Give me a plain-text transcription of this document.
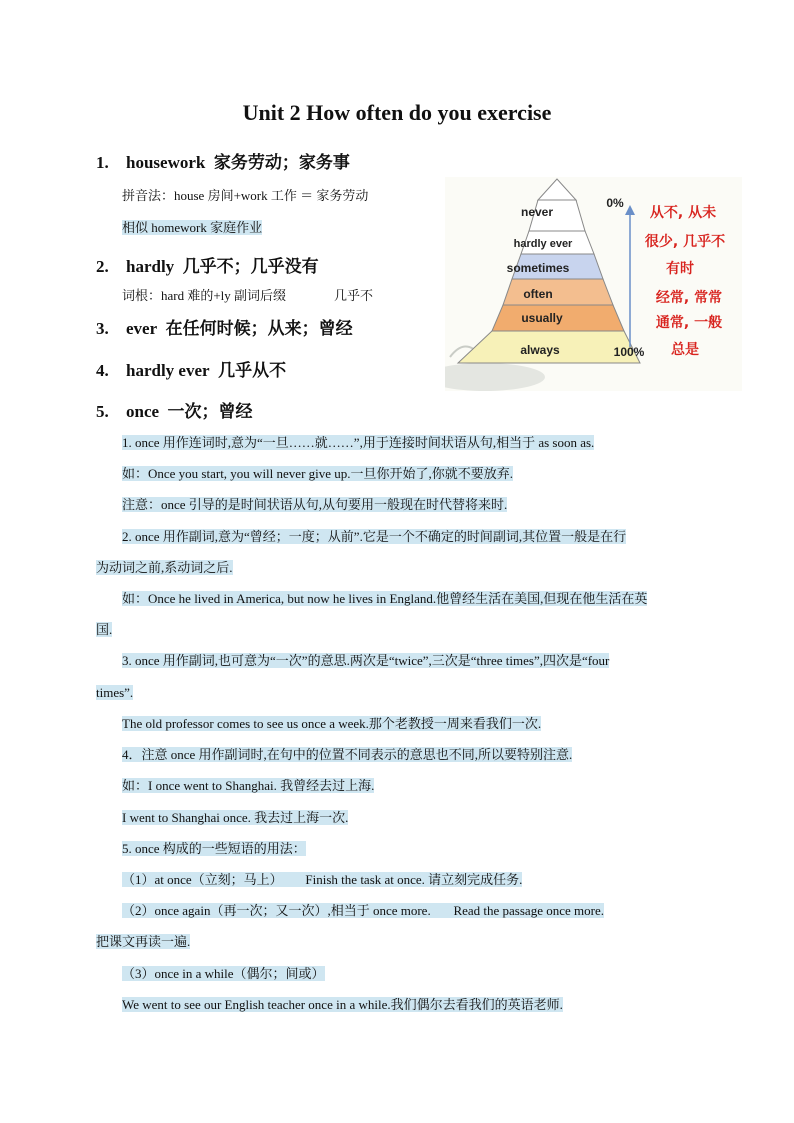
Unit 2 How often do you exercise
1. housework 家务劳动；家务事
拼音法：house 房间+work 工作 ＝ 家务劳动
相似 homework 家庭作业
2. hardly 几乎不；几乎没有
词根：hard 难的+ly 副词后缀	几乎不
3. ever 在任何时候；从来；曾经
4. hardly ever 几乎从不
5. once 一次；曾经
never
hardly ever
sometimes
often
usually
always
0%
100%
从不, 从未
很少, 几乎不
有时
经常, 常常
通常, 一般
总是
1. once 用作连词时,意为“一旦……就……”,用于连接时间状语从句,相当于 as soon as.
如：Once you start, you will never give up.一旦你开始了,你就不要放弃.
注意：once 引导的是时间状语从句,从句要用一般现在时代替将来时.
2. once 用作副词,意为“曾经；一度；从前”.它是一个不确定的时间副词,其位置一般是在行
为动词之前,系动词之后.
如：Once he lived in America, but now he lives in England.他曾经生活在美国,但现在他生活在英
国.
3. once 用作副词,也可意为“一次”的意思.两次是“twice”,三次是“three times”,四次是“four
times”.
The old professor comes to see us once a week.那个老教授一周来看我们一次.
4．注意 once 用作副词时,在句中的位置不同表示的意思也不同,所以要特别注意.
如：I once went to Shanghai. 我曾经去过上海.
I went to Shanghai once. 我去过上海一次.
5. once 构成的一些短语的用法：
（1）at once（立刻；马上）       Finish the task at once. 请立刻完成任务.
（2）once again（再一次；又一次）,相当于 once more.       Read the passage once more.
把课文再读一遍.
（3）once in a while（偶尔；间或）
We went to see our English teacher once in a while.我们偶尔去看我们的英语老师.
